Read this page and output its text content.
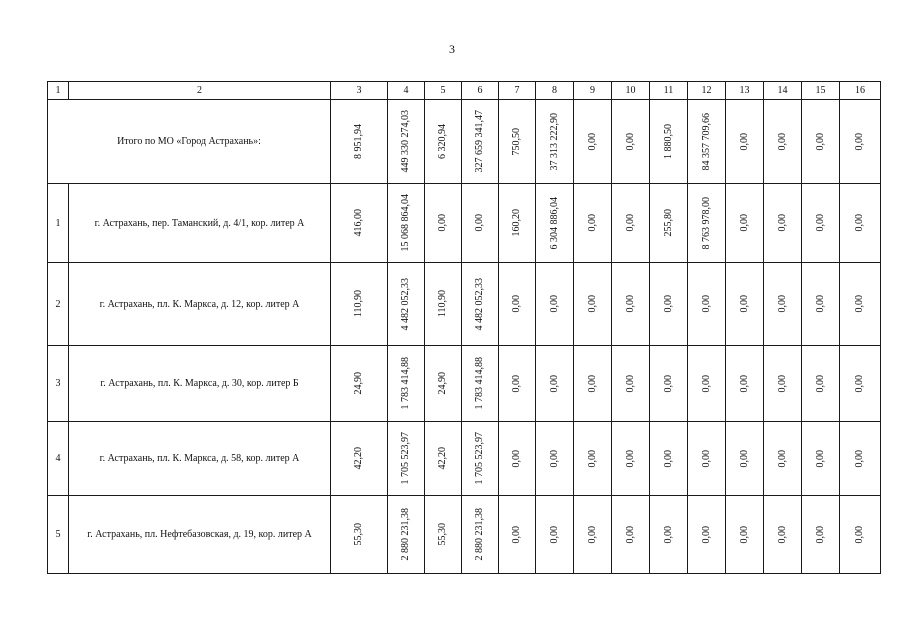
3
1	2	3	4	5	6	7	8	9	10	11	12	13	14	15	16
Итого по МО «Город Астрахань»:		8 951,94	449 330 274,03	6 320,94	327 659 341,47	750,50	37 313 222,90	0,00	0,00	1 880,50	84 357 709,66	0,00	0,00	0,00	0,00

1	г. Астрахань, пер. Таманский, д. 4/1, кор. литер А	416,00	15 068 864,04	0,00	0,00	160,20	6 304 886,04	0,00	0,00	255,80	8 763 978,00	0,00	0,00	0,00	0,00

2	г. Астрахань, пл. К. Маркса, д. 12, кор. литер А	110,90	4 482 052,33	110,90	4 482 052,33	0,00	0,00	0,00	0,00	0,00	0,00	0,00	0,00	0,00	0,00

3	г. Астрахань, пл. К. Маркса, д. 30, кор. литер Б	24,90	1 783 414,88	24,90	1 783 414,88	0,00	0,00	0,00	0,00	0,00	0,00	0,00	0,00	0,00	0,00

4	г. Астрахань, пл. К. Маркса, д. 58, кор. литер А	42,20	1 705 523,97	42,20	1 705 523,97	0,00	0,00	0,00	0,00	0,00	0,00	0,00	0,00	0,00	0,00

5	г. Астрахань, пл. Нефтебазовская, д. 19, кор. литер А	55,30	2 880 231,38	55,30	2 880 231,38	0,00	0,00	0,00	0,00	0,00	0,00	0,00	0,00	0,00	0,00
